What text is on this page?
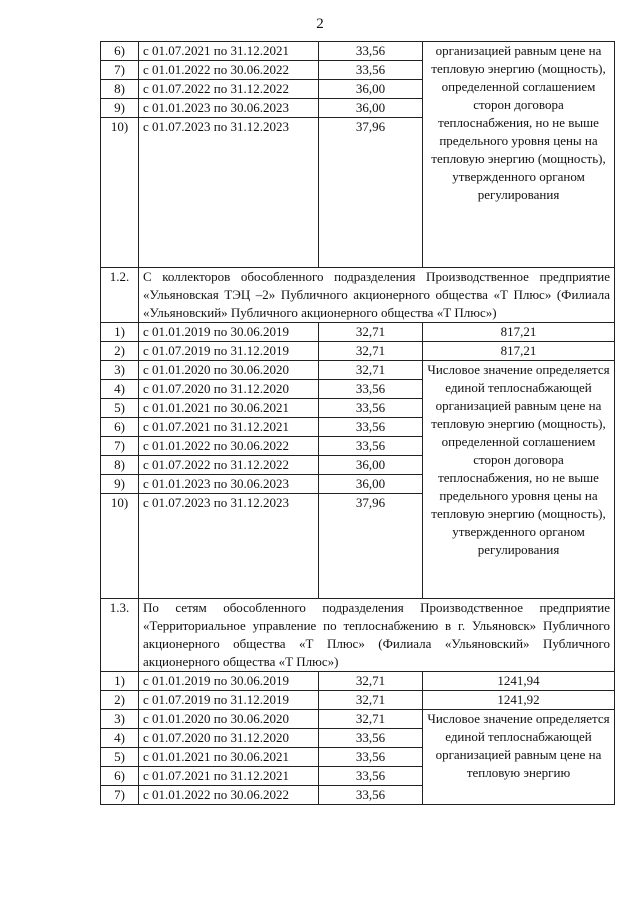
2
6)	с 01.07.2021 по 31.12.2021	33,56	организацией равным цене на тепловую энергию (мощность), определенной соглашением сторон договора теплоснабжения, но не выше предельного уровня цены на тепловую энергию (мощность), утвержденного органом регулирования
7)	с 01.01.2022 по 30.06.2022	33,56	
8)	с 01.07.2022 по 31.12.2022	36,00	
9)	с 01.01.2023 по 30.06.2023	36,00	
10)	с 01.07.2023 по 31.12.2023	37,96	
1.2.	С коллекторов обособленного подразделения Производственное предприятие «Ульяновская ТЭЦ –2» Публичного акционерного общества «Т Плюс» (Филиала «Ульяновский» Публичного акционерного общества «Т Плюс»)		
1)	с 01.01.2019 по 30.06.2019	32,71	817,21
2)	с 01.07.2019 по 31.12.2019	32,71	817,21
3)	с 01.01.2020 по 30.06.2020	32,71	Числовое значение определяется единой теплоснабжающей организацией равным цене на тепловую энергию (мощность), определенной соглашением сторон договора теплоснабжения, но не выше предельного уровня цены на тепловую энергию (мощность), утвержденного органом регулирования
4)	с 01.07.2020 по 31.12.2020	33,56	
5)	с 01.01.2021 по 30.06.2021	33,56	
6)	с 01.07.2021 по 31.12.2021	33,56	
7)	с 01.01.2022 по 30.06.2022	33,56	
8)	с 01.07.2022 по 31.12.2022	36,00	
9)	с 01.01.2023 по 30.06.2023	36,00	
10)	с 01.07.2023 по 31.12.2023	37,96	
1.3.	По сетям обособленного подразделения Производственное предприятие «Территориальное управление по теплоснабжению в г. Ульяновск» Публичного акционерного общества «Т Плюс» (Филиала «Ульяновский» Публичного акционерного общества «Т Плюс»)		
1)	с 01.01.2019 по 30.06.2019	32,71	1241,94
2)	с 01.07.2019 по 31.12.2019	32,71	1241,92
3)	с 01.01.2020 по 30.06.2020	32,71	Числовое значение определяется единой теплоснабжающей организацией равным цене на тепловую энергию
4)	с 01.07.2020 по 31.12.2020	33,56	
5)	с 01.01.2021 по 30.06.2021	33,56	
6)	с 01.07.2021 по 31.12.2021	33,56	
7)	с 01.01.2022 по 30.06.2022	33,56	
